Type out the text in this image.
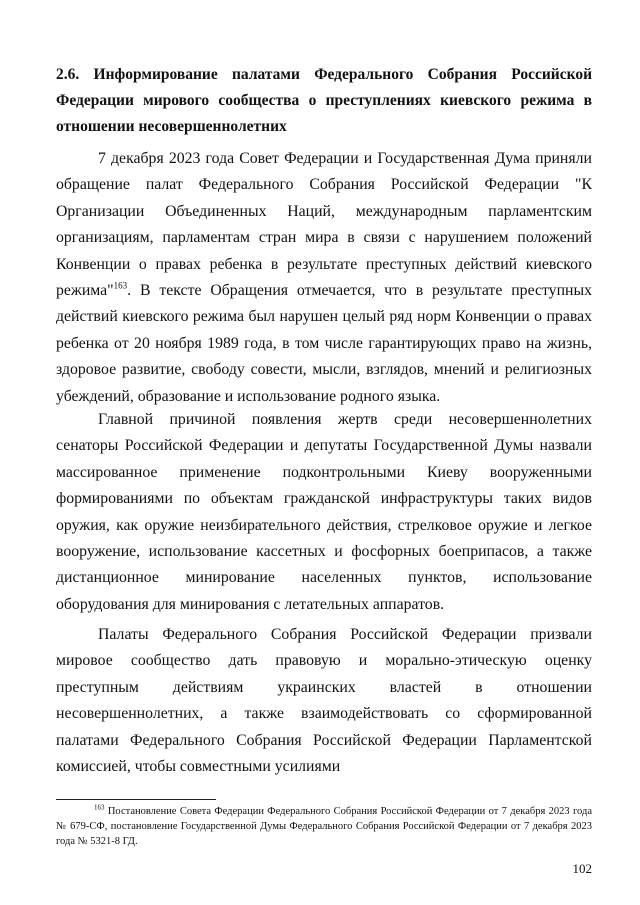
2.6. Информирование палатами Федерального Собрания Российской Федерации мирового сообщества о преступлениях киевского режима в отношении несовершеннолетних

7 декабря 2023 года Совет Федерации и Государственная Дума приняли обращение палат Федерального Собрания Российской Федерации "К Организации Объединенных Наций, международным парламентским организациям, парламентам стран мира в связи с нарушением положений Конвенции о правах ребенка в результате преступных действий киевского режима"$^{163}$. В тексте Обращения отмечается, что в результате преступных действий киевского режима был нарушен целый ряд норм Конвенции о правах ребенка от 20 ноября 1989 года, в том числе гарантирующих право на жизнь, здоровое развитие, свободу совести, мысли, взглядов, мнений и религиозных убеждений, образование и использование родного языка.

Главной причиной появления жертв среди несовершеннолетних сенаторы Российской Федерации и депутаты Государственной Думы назвали массированное применение подконтрольными Киеву вооруженными формированиями по объектам гражданской инфраструктуры таких видов оружия, как оружие неизбирательного действия, стрелковое оружие и легкое вооружение, использование кассетных и фосфорных боеприпасов, а также дистанционное минирование населенных пунктов, использование оборудования для минирования с летательных аппаратов.

Палаты Федерального Собрания Российской Федерации призвали мировое сообщество дать правовую и морально-этическую оценку преступным действиям украинских властей в отношении несовершеннолетних, а также взаимодействовать со сформированной палатами Федерального Собрания Российской Федерации Парламентской комиссией, чтобы совместными усилиями

$^{163}$ Постановление Совета Федерации Федерального Собрания Российской Федерации от 7 декабря 2023 года № 679-СФ, постановление Государственной Думы Федерального Собрания Российской Федерации от 7 декабря 2023 года № 5321-8 ГД.
102
